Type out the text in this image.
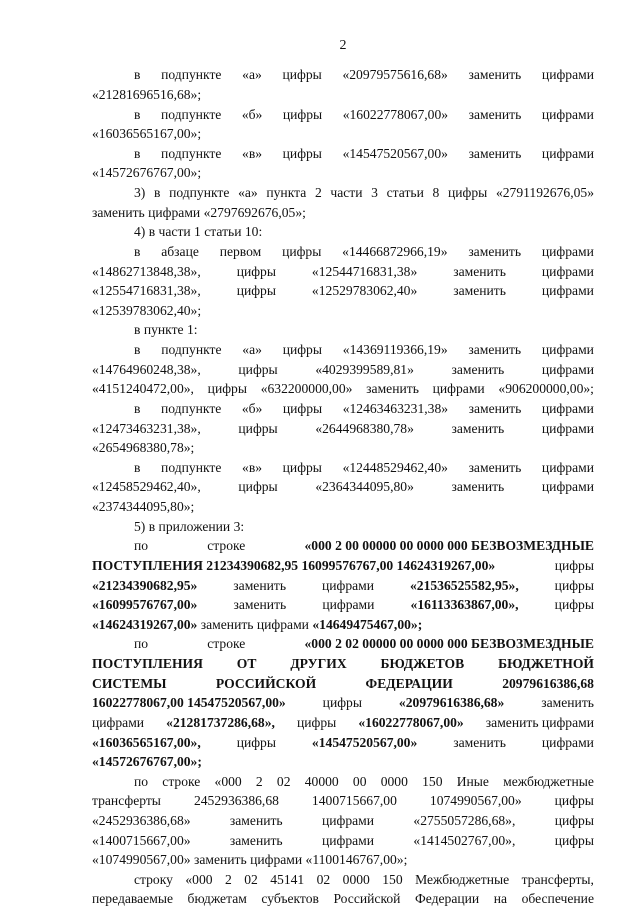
2
в подпункте «а» цифры «20979575616,68» заменить цифрами
«21281696516,68»;
в подпункте «б» цифры «16022778067,00» заменить цифрами
«16036565167,00»;
в подпункте «в» цифры «14547520567,00» заменить цифрами
«14572676767,00»;
3) в подпункте «а» пункта 2 части 3 статьи 8 цифры «2791192676,05»
заменить цифрами «2797692676,05»;
4) в части 1 статьи 10:
в абзаце первом цифры «14466872966,19» заменить цифрами
«14862713848,38»,	цифры	«12544716831,38»	заменить	цифрами
«12554716831,38»,	цифры	«12529783062,40»	заменить	цифрами
«12539783062,40»;
в пункте 1:
в подпункте «а» цифры «14369119366,19» заменить цифрами
«14764960248,38»,	цифры	«4029399589,81»	заменить	цифрами
«4151240472,00», цифры «632200000,00» заменить цифрами «906200000,00»;
в подпункте «б» цифры «12463463231,38» заменить цифрами
«12473463231,38»,	цифры	«2644968380,78»	заменить	цифрами
«2654968380,78»;
в подпункте «в» цифры «12448529462,40» заменить цифрами
«12458529462,40»,	цифры	«2364344095,80»	заменить	цифрами
«2374344095,80»;
5) в приложении 3:
по	строке	«000 2 00 00000 00 0000 000 БЕЗВОЗМЕЗДНЫЕ
ПОСТУПЛЕНИЯ 21234390682,95 16099576767,00 14624319267,00»	цифры
«21234390682,95»	заменить	цифрами	«21536525582,95»,	цифры
«16099576767,00»	заменить	цифрами	«16113363867,00»,	цифры
«14624319267,00» заменить цифрами «14649475467,00»;
по	строке	«000 2 02 00000 00 0000 000 БЕЗВОЗМЕЗДНЫЕ
ПОСТУПЛЕНИЯ ОТ ДРУГИХ БЮДЖЕТОВ БЮДЖЕТНОЙ
СИСТЕМЫ	РОССИЙСКОЙ	ФЕДЕРАЦИИ	20979616386,68
16022778067,00 14547520567,00»	цифры	«20979616386,68»	заменить
цифрами «21281737286,68», цифры «16022778067,00» заменить цифрами
«16036565167,00»,	цифры	«14547520567,00»	заменить	цифрами
«14572676767,00»;
по строке «000 2 02 40000 00 0000 150 Иные межбюджетные
трансферты 2452936386,68 1400715667,00 1074990567,00» цифры
«2452936386,68»	заменить	цифрами	«2755057286,68»,	цифры
«1400715667,00»	заменить	цифрами	«1414502767,00»,	цифры
«1074990567,00» заменить цифрами «1100146767,00»;
строку «000 2 02 45141 02 0000 150 Межбюджетные трансферты,
передаваемые бюджетам субъектов Российской Федерации на обеспечение
